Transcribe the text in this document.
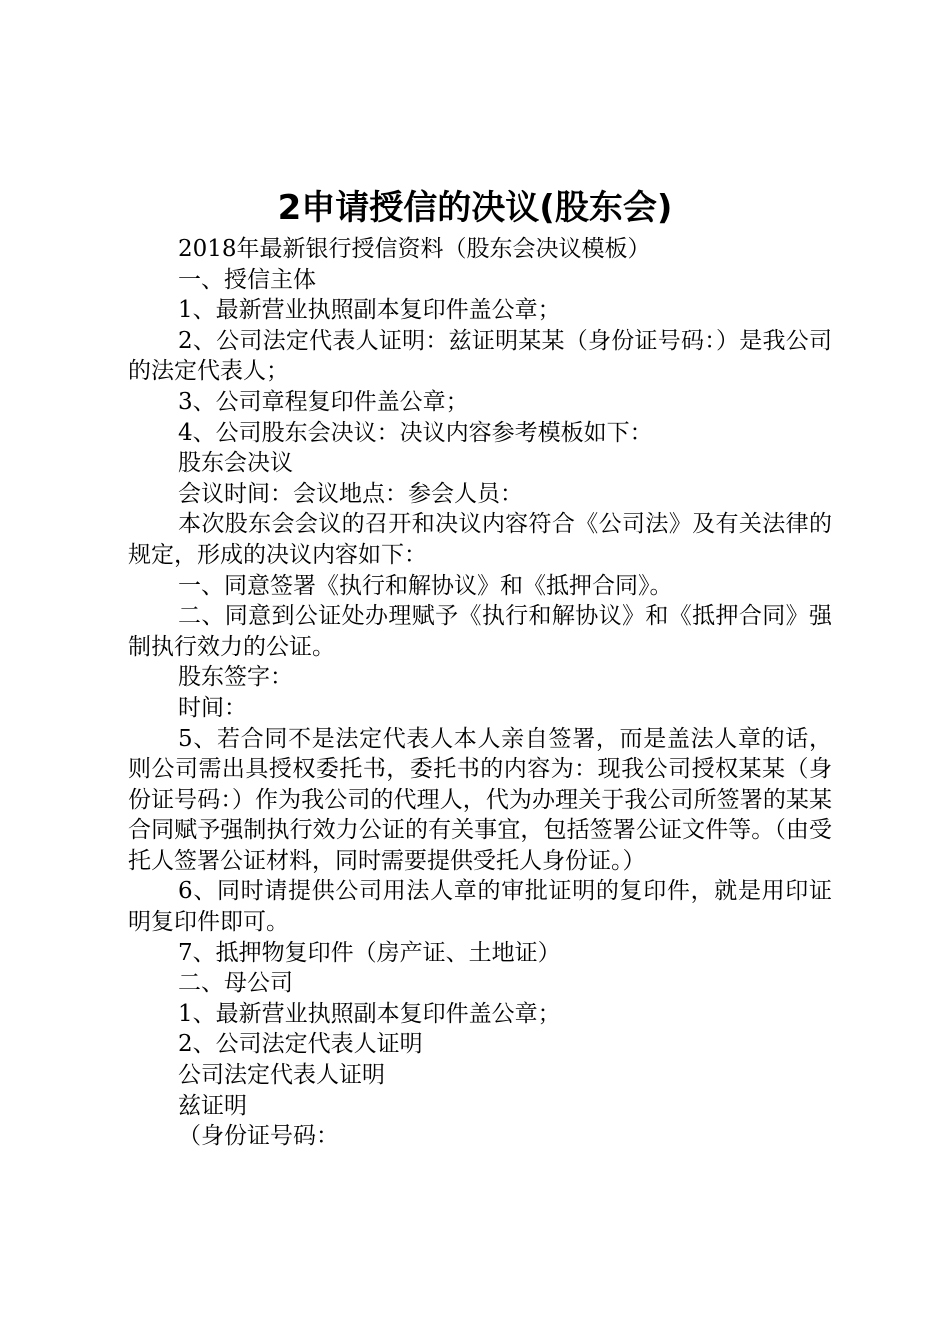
2申请授信的决议(股东会)

2018年最新银行授信资料（股东会决议模板）

一、授信主体

1、最新营业执照副本复印件盖公章；

2、公司法定代表人证明：兹证明某某（身份证号码：）是我公司的法定代表人；

3、公司章程复印件盖公章；

4、公司股东会决议：决议内容参考模板如下：

股东会决议

会议时间：会议地点：参会人员：

本次股东会会议的召开和决议内容符合《公司法》及有关法律的规定，形成的决议内容如下：

一、同意签署《执行和解协议》和《抵押合同》。

二、同意到公证处办理赋予《执行和解协议》和《抵押合同》强制执行效力的公证。

股东签字：

时间：

5、若合同不是法定代表人本人亲自签署，而是盖法人章的话，则公司需出具授权委托书，委托书的内容为：现我公司授权某某（身份证号码：）作为我公司的代理人，代为办理关于我公司所签署的某某合同赋予强制执行效力公证的有关事宜，包括签署公证文件等。（由受托人签署公证材料，同时需要提供受托人身份证。）

6、同时请提供公司用法人章的审批证明的复印件，就是用印证明复印件即可。

7、抵押物复印件（房产证、土地证）

二、母公司

1、最新营业执照副本复印件盖公章；

2、公司法定代表人证明

公司法定代表人证明

兹证明

（身份证号码：
